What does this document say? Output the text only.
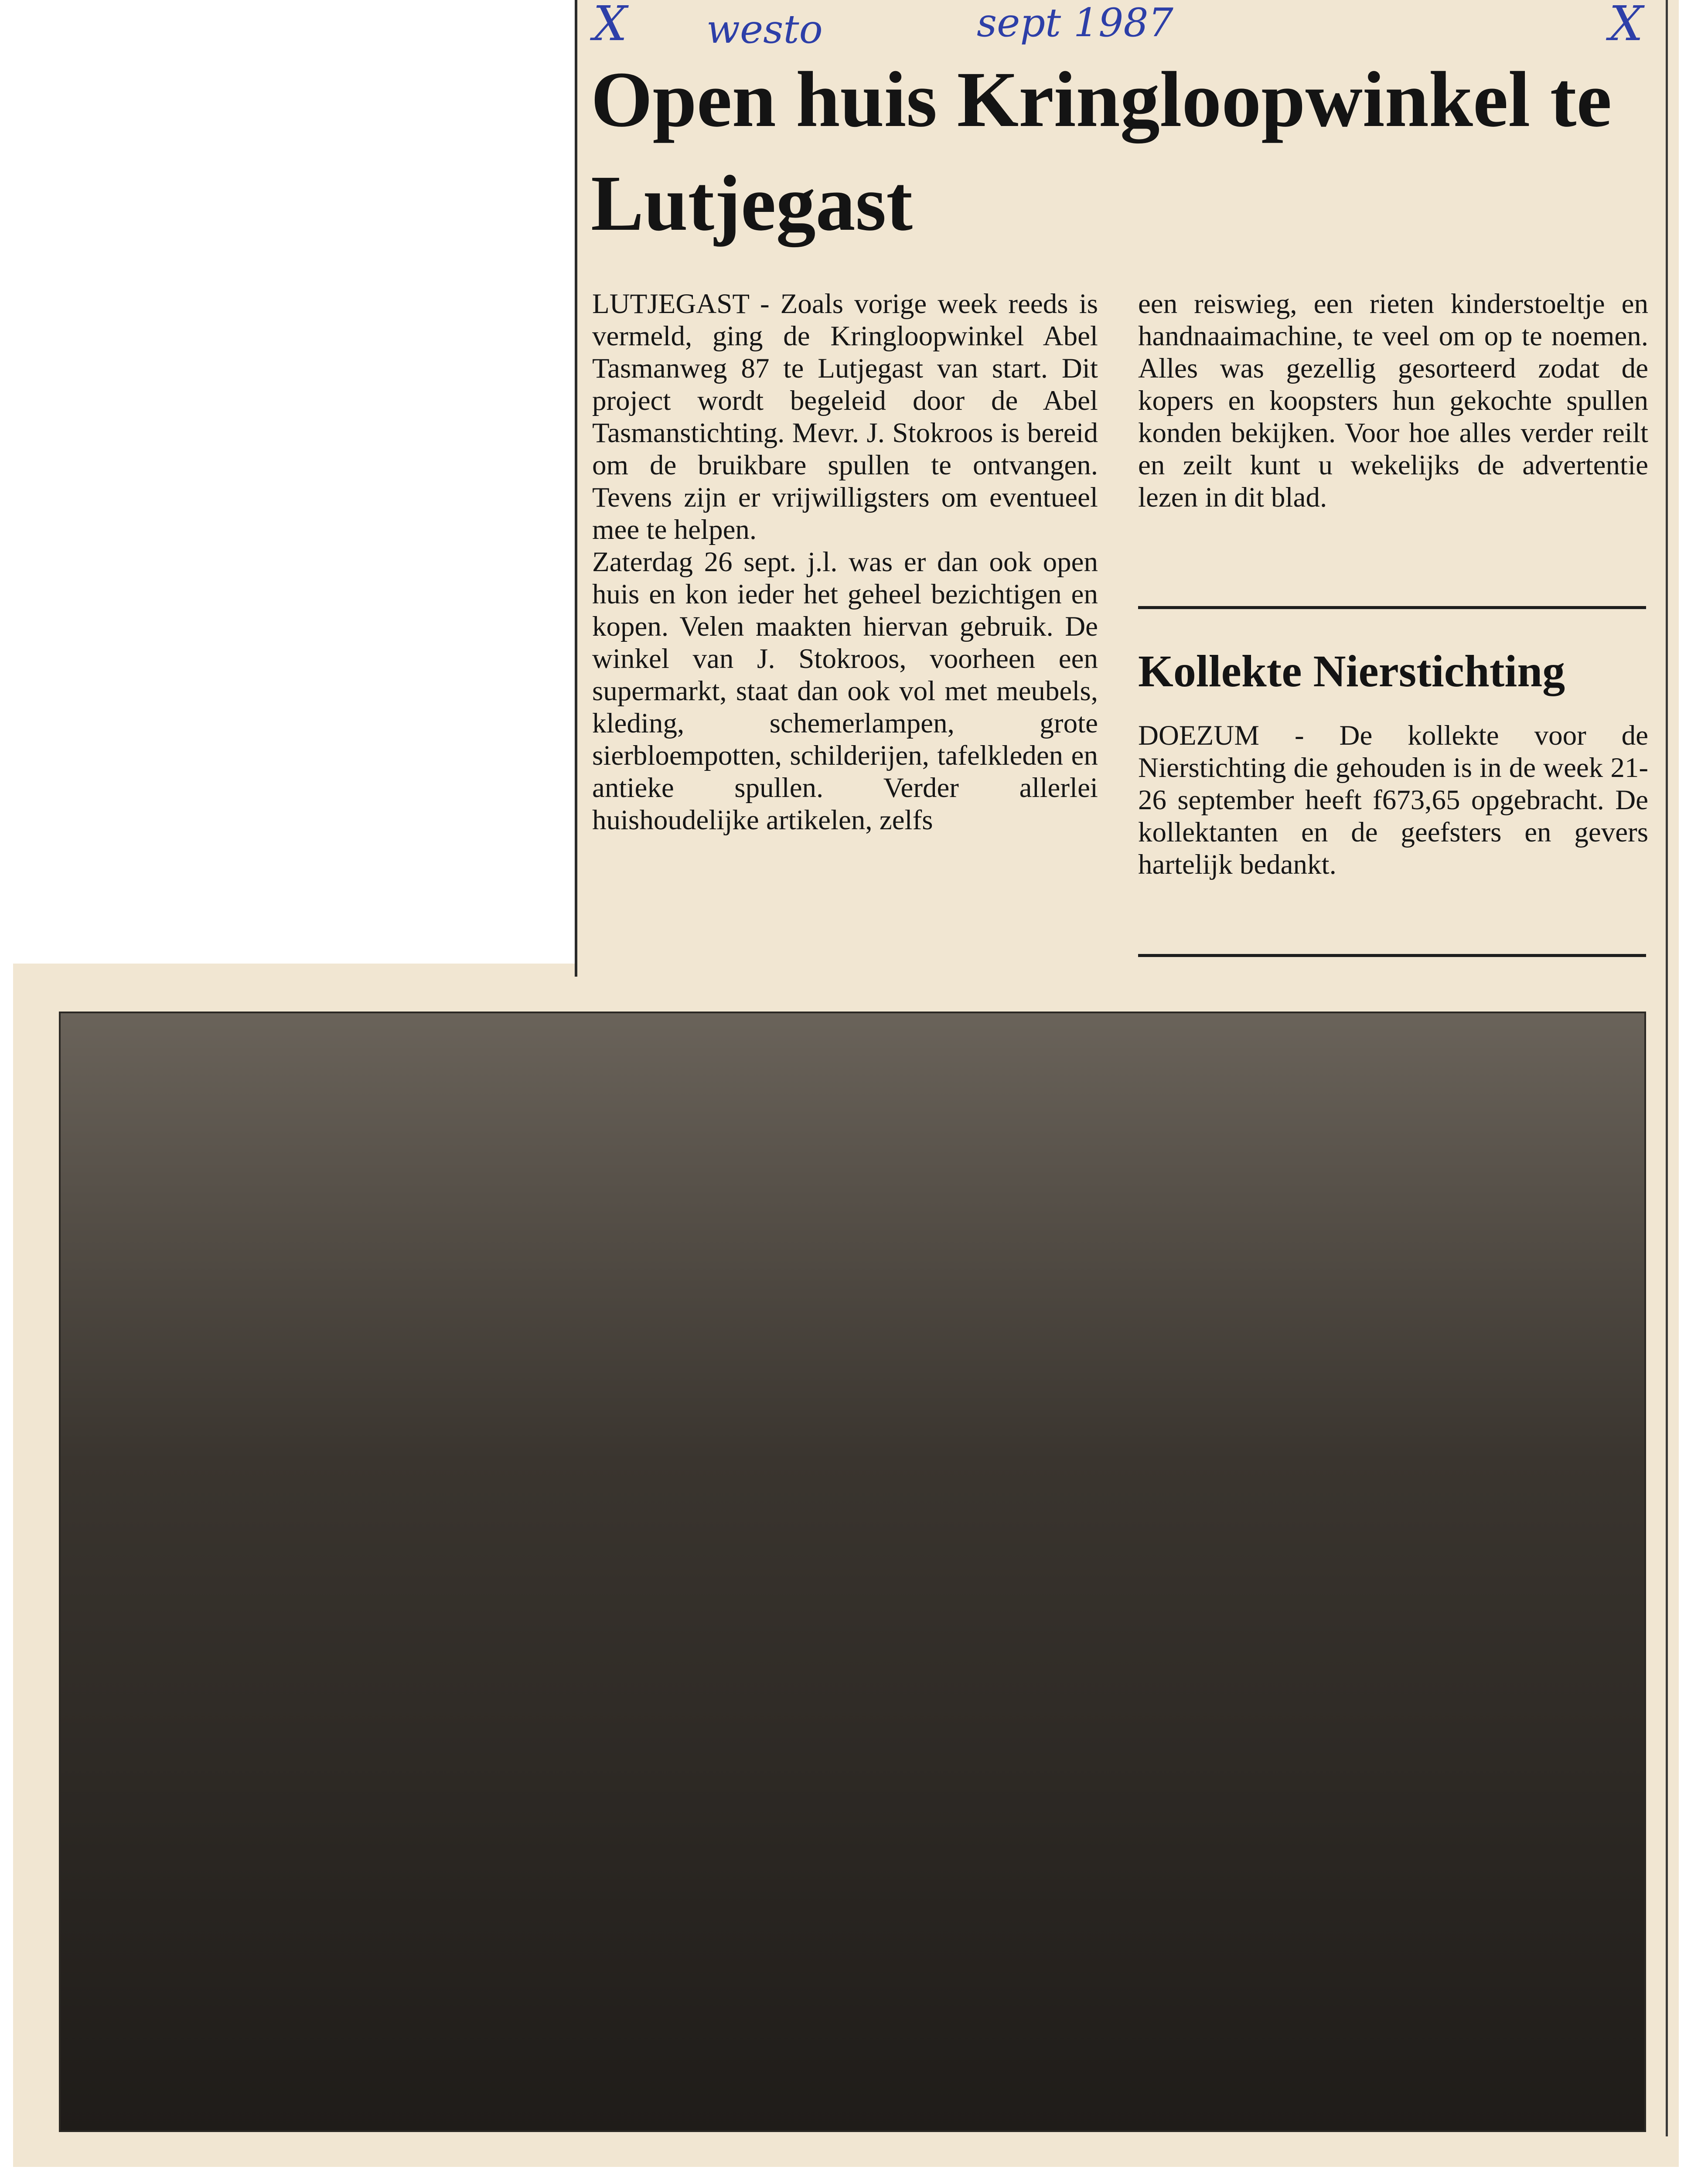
X westo	sept 1987	X
Open huis Kringloopwinkel te Lutjegast

LUTJEGAST - Zoals vorige week reeds is vermeld, ging de Kringloopwinkel Abel Tasmanweg 87 te Lutjegast van start. Dit project wordt begeleid door de Abel Tasmanstichting. Mevr. J. Stokroos is bereid om de bruikbare spullen te ontvangen. Tevens zijn er vrijwilligsters om eventueel mee te helpen.

Zaterdag 26 sept. j.l. was er dan ook open huis en kon ieder het geheel bezichtigen en kopen. Velen maakten hiervan gebruik. De winkel van J. Stokroos, voorheen een supermarkt, staat dan ook vol met meubels, kleding, schemerlampen, grote sierbloempotten, schilderijen, tafelkleden en antieke spullen. Verder allerlei huishoudelijke artikelen, zelfs

een reiswieg, een rieten kinderstoeltje en handnaaimachine, te veel om op te noemen. Alles was gezellig gesorteerd zodat de kopers en koopsters hun gekochte spullen konden bekijken. Voor hoe alles verder reilt en zeilt kunt u wekelijks de advertentie lezen in dit blad.

Kollekte Nierstichting

DOEZUM - De kollekte voor de Nierstichting die gehouden is in de week 21-26 september heeft f673,65 opgebracht. De kollektanten en de geefsters en gevers hartelijk bedankt.
